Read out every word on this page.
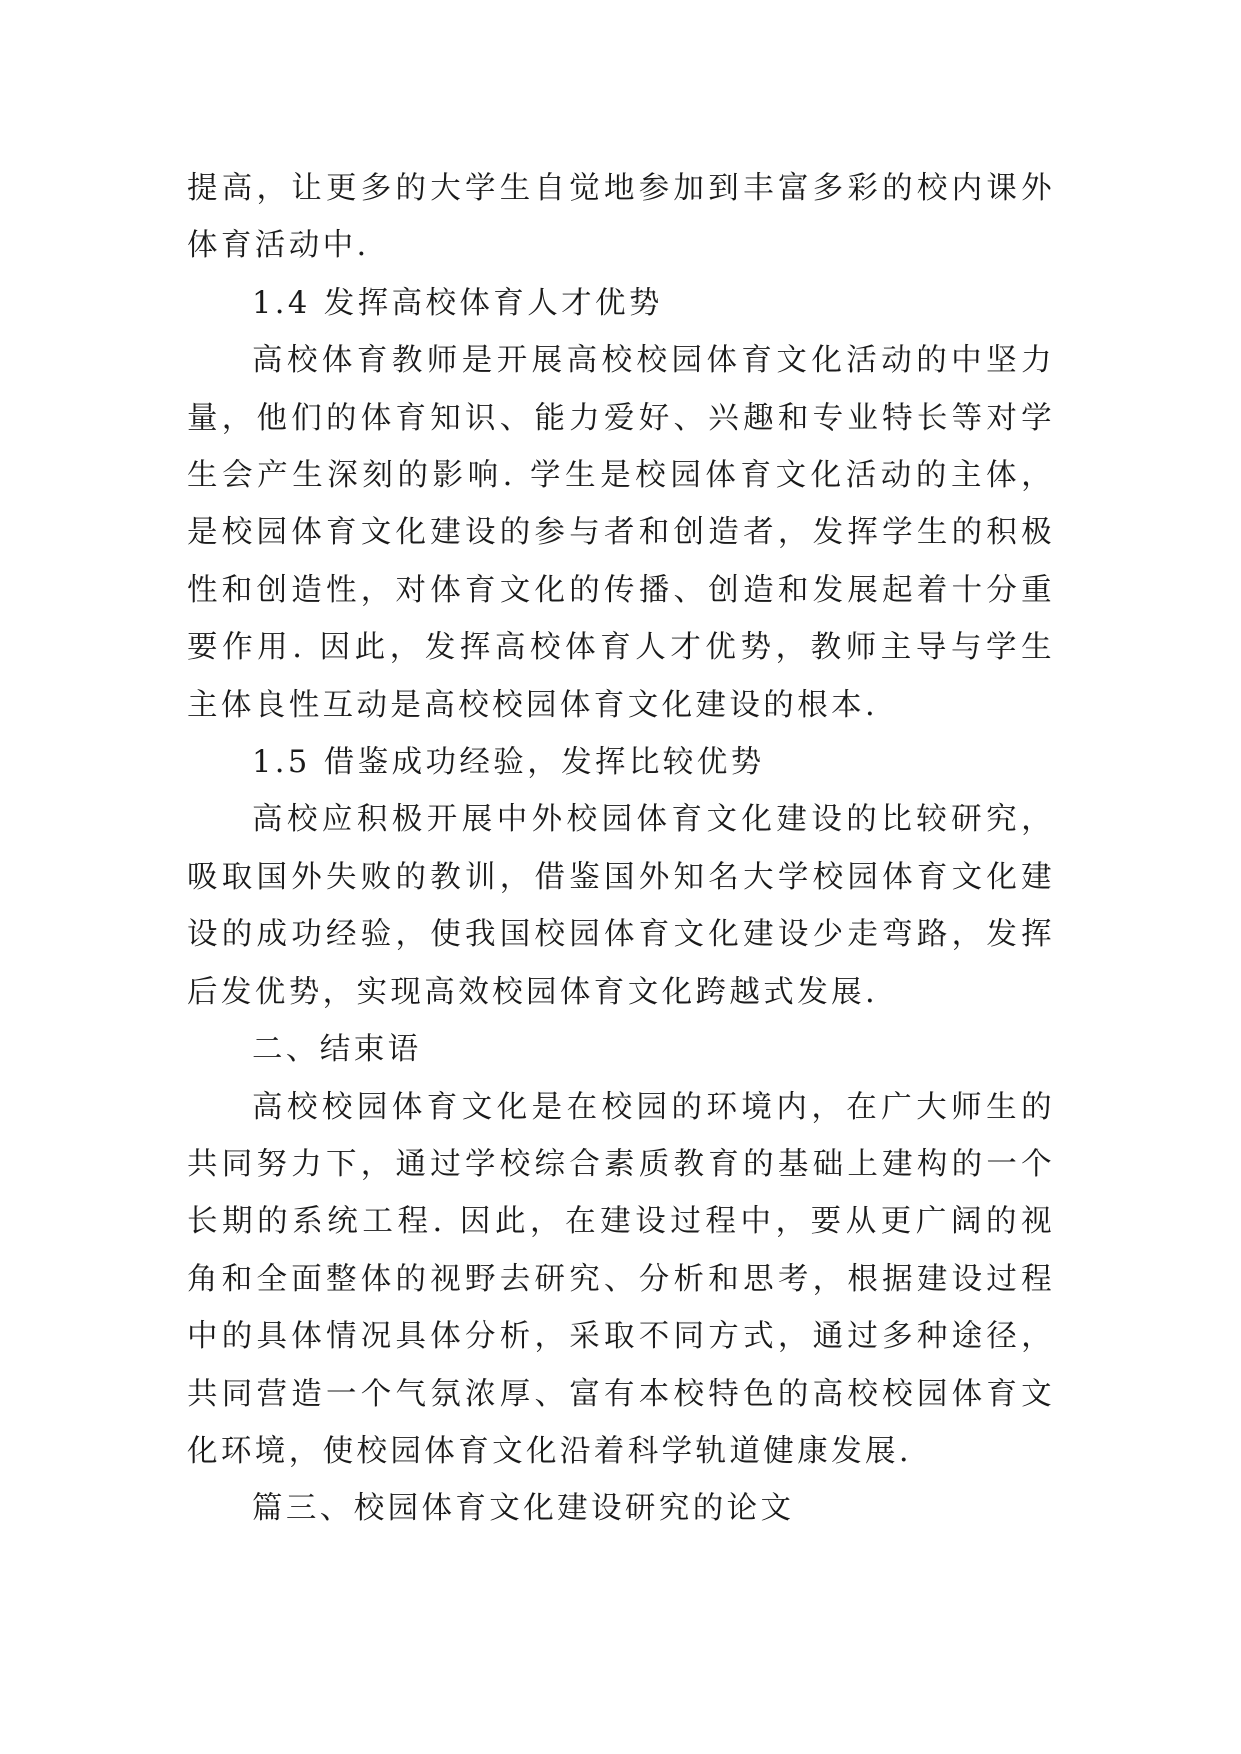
提高，让更多的大学生自觉地参加到丰富多彩的校内课外体育活动中.

1.4 发挥高校体育人才优势

高校体育教师是开展高校校园体育文化活动的中坚力量，他们的体育知识、能力爱好、兴趣和专业特长等对学生会产生深刻的影响. 学生是校园体育文化活动的主体，是校园体育文化建设的参与者和创造者，发挥学生的积极性和创造性，对体育文化的传播、创造和发展起着十分重要作用. 因此，发挥高校体育人才优势，教师主导与学生主体良性互动是高校校园体育文化建设的根本.

1.5 借鉴成功经验，发挥比较优势

高校应积极开展中外校园体育文化建设的比较研究，吸取国外失败的教训，借鉴国外知名大学校园体育文化建设的成功经验，使我国校园体育文化建设少走弯路，发挥后发优势，实现高效校园体育文化跨越式发展.

二、结束语

高校校园体育文化是在校园的环境内，在广大师生的共同努力下，通过学校综合素质教育的基础上建构的一个长期的系统工程. 因此，在建设过程中，要从更广阔的视角和全面整体的视野去研究、分析和思考，根据建设过程中的具体情况具体分析，采取不同方式，通过多种途径，共同营造一个气氛浓厚、富有本校特色的高校校园体育文化环境，使校园体育文化沿着科学轨道健康发展.

篇三、校园体育文化建设研究的论文
